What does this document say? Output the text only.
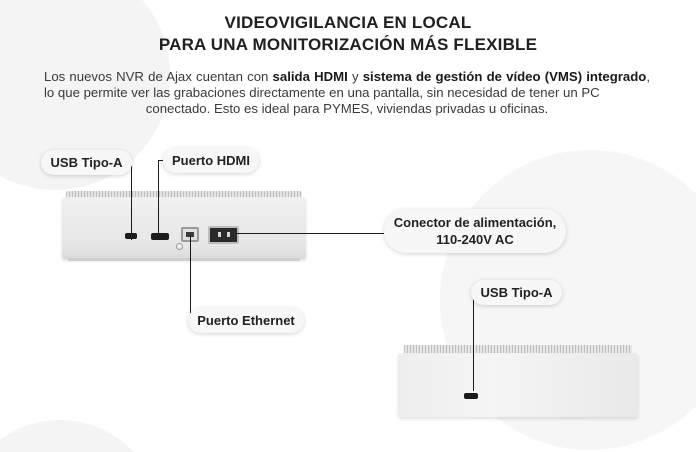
VIDEOVIGILANCIA EN LOCAL
PARA UNA MONITORIZACIÓN MÁS FLEXIBLE
Los nuevos NVR de Ajax cuentan con salida HDMI y sistema de gestión de vídeo (VMS) integrado, lo que permite ver las grabaciones directamente en una pantalla, sin necesidad de tener un PC
conectado. Esto es ideal para PYMES, viviendas privadas u oficinas.
USB Tipo-A	Puerto HDMI
Conector de alimentación,
110-240V AC
Puerto Ethernet
USB Tipo-A
